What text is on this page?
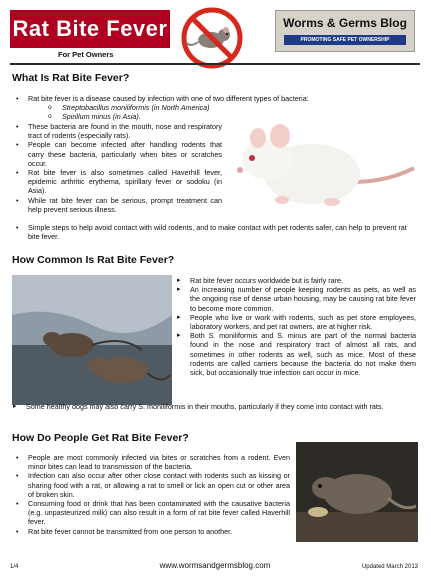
Rat Bite Fever
For Pet Owners
Worms & Germs Blog
PROMOTING SAFE PET OWNERSHIP
What Is Rat Bite Fever?
• Rat bite fever is a disease caused by infection with one of two different types of bacteria:
o Streptobacillus moniliformis (in North America)
o Spirillum minus (in Asia).
• These bacteria are found in the mouth, nose and respiratory tract of rodents (especially rats).
• People can become infected after handling rodents that carry these bacteria, particularly when bites or scratches occur.
• Rat bite fever is also sometimes called Haverhill fever, epidemic arthritic erythema, spirillary fever or sodoku (in Asia).
• While rat bite fever can be serious, prompt treatment can help prevent serious illness.
• Simple steps to help avoid contact with wild rodents, and to make contact with pet rodents safer, can help to prevent rat bite fever.
How Common Is Rat Bite Fever?
▸ Rat bite fever occurs worldwide but is fairly rare.
▸ An increasing number of people keeping rodents as pets, as well as the ongoing rise of dense urban housing, may be causing rat bite fever to become more common.
▸ People who live or work with rodents, such as pet store employees, laboratory workers, and pet rat owners, are at higher risk.
▸ Both S. moniliformis and S. minus are part of the normal bacteria found in the nose and respiratory tract of almost all rats, and sometimes in other rodents as well, such as mice. Most of these rodents are called carriers because the bacteria do not make them sick, but occasionally true infection can occur in mice.
▸ Some healthy dogs may also carry S. moniliformis in their mouths, particularly if they come into contact with rats.
How Do People Get Rat Bite Fever?
• People are most commonly infected via bites or scratches from a rodent. Even minor bites can lead to transmission of the bacteria.
• Infection can also occur after other close contact with rodents such as kissing or sharing food with a rat, or allowing a rat to smell or lick an open cut or other area of broken skin.
• Consuming food or drink that has been contaminated with the causative bacteria (e.g. unpasteurized milk) can also result in a form of rat bite fever called Haverhill fever.
• Rat bite fever cannot be transmitted from one person to another.
1/4	www.wormsandgermsblog.com	Updated March 2013
